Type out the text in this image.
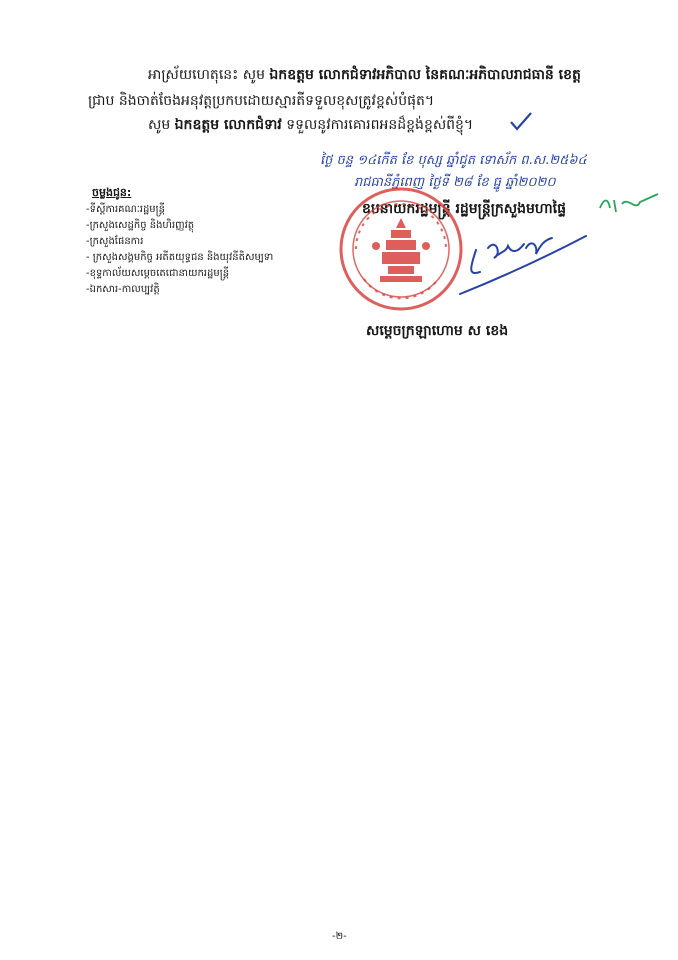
អាស្រ័យហេតុនេះ សូម ឯកឧត្តម លោកជំទាវអភិបាល នៃគណៈអភិបាលរាជធានី ខេត្ត
ជ្រាប និងចាត់ចែងអនុវត្តប្រកបដោយស្មារតីទទួលខុសត្រូវខ្ពស់បំផុត។
សូម ឯកឧត្តម លោកជំទាវ ទទួលនូវការគោរពអនដ៏ខ្ពង់ខ្ពស់ពីខ្ញុំ។
ថ្ងៃ ចន្ទ ១៤កើត ខែ បុស្ស ឆ្នាំជូត ទោស័ក ព.ស.២៥៦៤
រាជធានីភ្នំពេញ ថ្ងៃទី ២៨ ខែ ធ្នូ ឆ្នាំ២០២០
ឧបនាយករដ្ឋមន្ត្រី រដ្ឋមន្ត្រីក្រសួងមហាផ្ទៃ
ចម្លងជូន:
-ទីស្តីការគណៈរដ្ឋមន្ត្រី
-ក្រសួងសេដ្ឋកិច្ច និងហិរញ្ញវត្ថុ
-ក្រសួងផែនការ
- ក្រសួងសង្គមកិច្ច អតីតយុទ្ធជន និងយុវនីតិសម្បទា
-ខុទ្ទកាល័យសម្តេចតេជោនាយករដ្ឋមន្ត្រី
-ឯកសារ-កាលប្បវត្តិ
សម្តេចក្រឡាហោម ស ខេង
-២-
